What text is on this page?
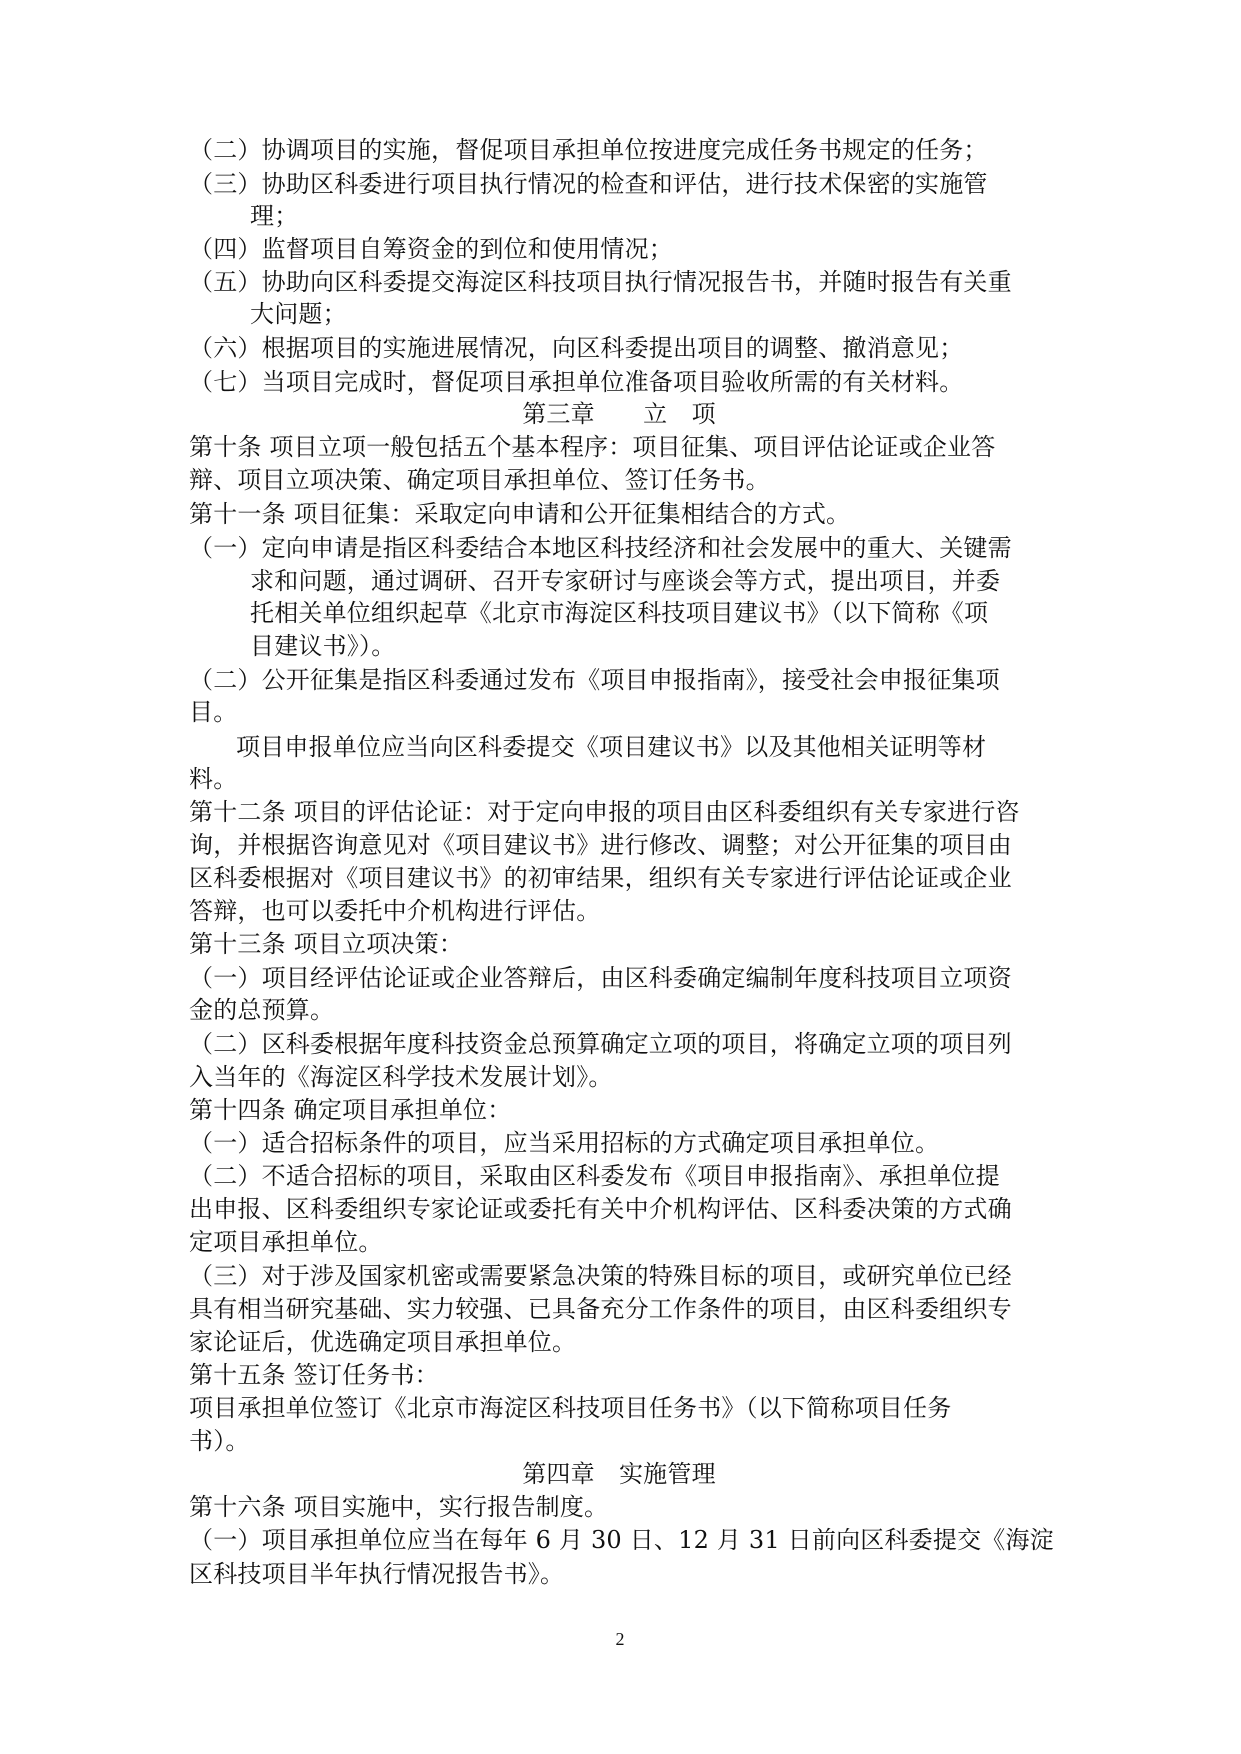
（二）协调项目的实施，督促项目承担单位按进度完成任务书规定的任务；
（三）协助区科委进行项目执行情况的检查和评估，进行技术保密的实施管
理；
（四）监督项目自筹资金的到位和使用情况；
（五）协助向区科委提交海淀区科技项目执行情况报告书，并随时报告有关重
大问题；
（六）根据项目的实施进展情况，向区科委提出项目的调整、撤消意见；
（七）当项目完成时，督促项目承担单位准备项目验收所需的有关材料。
第三章　　立　项
第十条 项目立项一般包括五个基本程序：项目征集、项目评估论证或企业答
辩、项目立项决策、确定项目承担单位、签订任务书。
第十一条 项目征集：采取定向申请和公开征集相结合的方式。
（一）定向申请是指区科委结合本地区科技经济和社会发展中的重大、关键需
求和问题，通过调研、召开专家研讨与座谈会等方式，提出项目，并委
托相关单位组织起草《北京市海淀区科技项目建议书》（以下简称《项
目建议书》）。
（二）公开征集是指区科委通过发布《项目申报指南》，接受社会申报征集项
目。
项目申报单位应当向区科委提交《项目建议书》以及其他相关证明等材
料。
第十二条 项目的评估论证：对于定向申报的项目由区科委组织有关专家进行咨
询，并根据咨询意见对《项目建议书》进行修改、调整；对公开征集的项目由
区科委根据对《项目建议书》的初审结果，组织有关专家进行评估论证或企业
答辩，也可以委托中介机构进行评估。
第十三条 项目立项决策：
（一）项目经评估论证或企业答辩后，由区科委确定编制年度科技项目立项资
金的总预算。
（二）区科委根据年度科技资金总预算确定立项的项目，将确定立项的项目列
入当年的《海淀区科学技术发展计划》。
第十四条 确定项目承担单位：
（一）适合招标条件的项目，应当采用招标的方式确定项目承担单位。
（二）不适合招标的项目，采取由区科委发布《项目申报指南》、承担单位提
出申报、区科委组织专家论证或委托有关中介机构评估、区科委决策的方式确
定项目承担单位。
（三）对于涉及国家机密或需要紧急决策的特殊目标的项目，或研究单位已经
具有相当研究基础、实力较强、已具备充分工作条件的项目，由区科委组织专
家论证后，优选确定项目承担单位。
第十五条 签订任务书：
项目承担单位签订《北京市海淀区科技项目任务书》（以下简称项目任务
书）。
第四章　实施管理
第十六条 项目实施中，实行报告制度。
（一）项目承担单位应当在每年 6 月 30 日、12 月 31 日前向区科委提交《海淀
区科技项目半年执行情况报告书》。
2
